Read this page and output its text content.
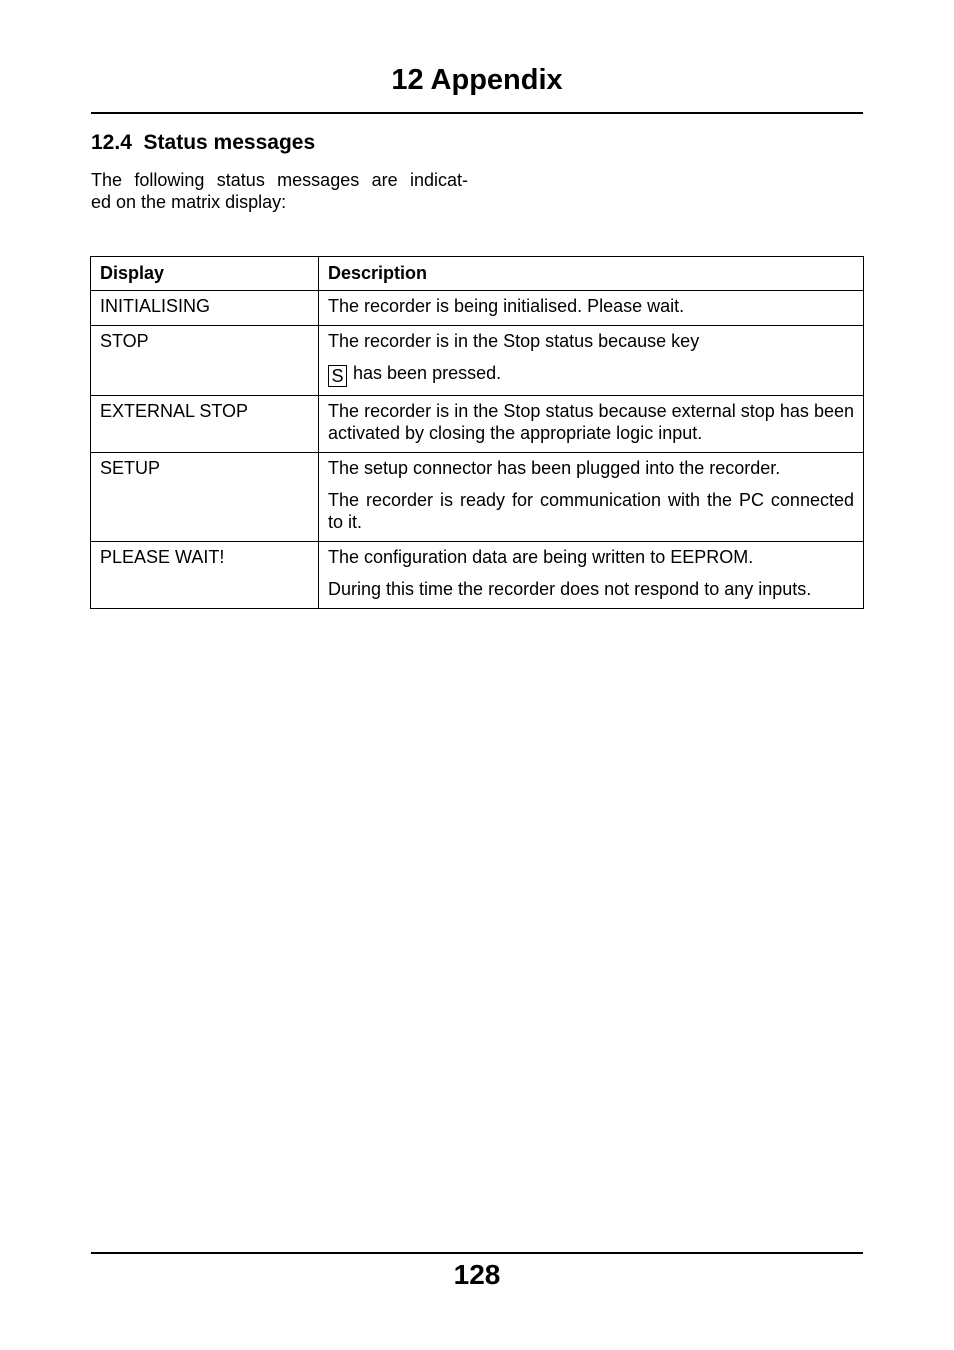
12 Appendix
12.4  Status messages
The following status messages are indicat-
ed on the matrix display:
Display	Description
INITIALISING	The recorder is being initialised. Please wait.

STOP	The recorder is in the Stop status because key
S has been pressed.

EXTERNAL STOP	The recorder is in the Stop status because external stop has been activated by closing the appropriate logic input.

SETUP	The setup connector has been plugged into the recorder.
The recorder is ready for communication with the PC connected to it.

PLEASE WAIT!	The configuration data are being written to EEPROM.
During this time the recorder does not respond to any inputs.
128
